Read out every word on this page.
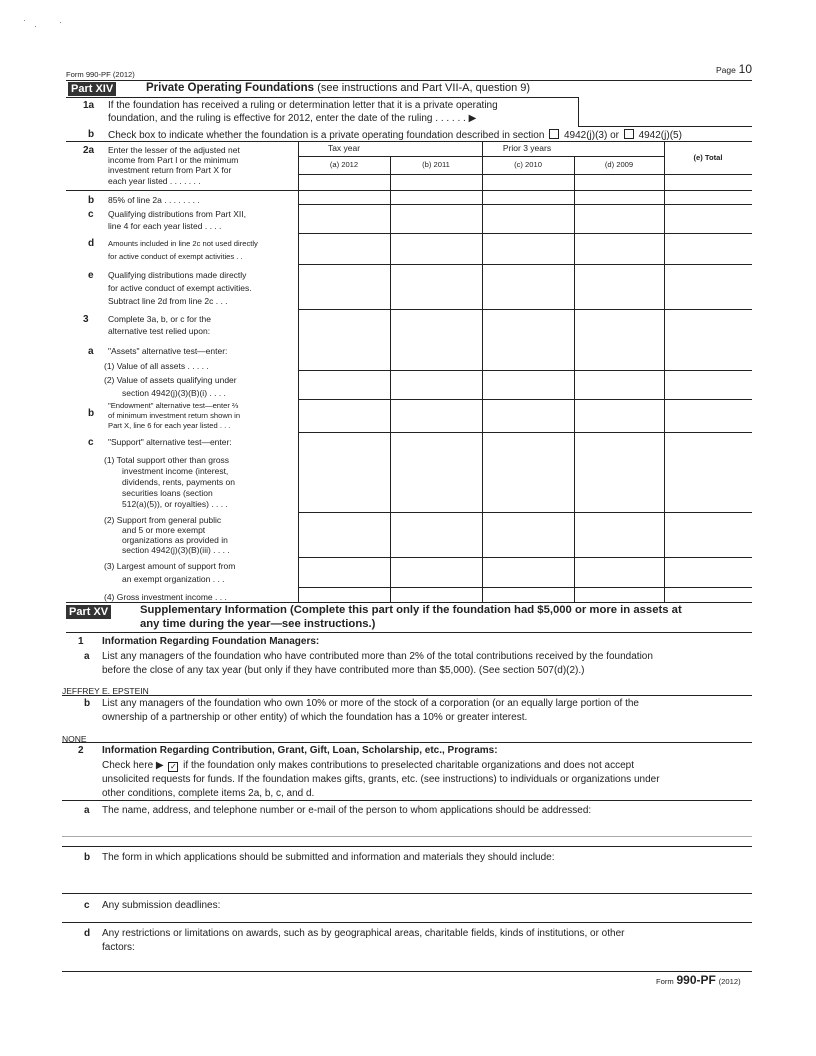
Form 990-PF (2012)	Page 10
Part XIV	Private Operating Foundations (see instructions and Part VII-A, question 9)
1a If the foundation has received a ruling or determination letter that it is a private operating
foundation, and the ruling is effective for 2012, enter the date of the ruling . . . . . . ▶
b Check box to indicate whether the foundation is a private operating foundation described in section 4942(j)(3) or 4942(j)(5)
Tax year	Prior 3 years
(a) 2012	(b) 2011	(c) 2010	(d) 2009
(e) Total
2a Enter the lesser of the adjusted net
income from Part I or the minimum
investment return from Part X for
each year listed . . . . . . .
b 85% of line 2a . . . . . . . .
c Qualifying distributions from Part XII,
line 4 for each year listed . . . .
d Amounts included in line 2c not used directly
for active conduct of exempt activities . .
e Qualifying distributions made directly
for active conduct of exempt activities.
Subtract line 2d from line 2c . . .
3 Complete 3a, b, or c for the
alternative test relied upon:
a "Assets" alternative test—enter:
(1) Value of all assets . . . . .
(2) Value of assets qualifying under
section 4942(j)(3)(B)(i) . . . .
b
"Endowment" alternative test—enter ⅔
of minimum investment return shown in
Part X, line 6 for each year listed . . .
c "Support" alternative test—enter:
(1) Total support other than gross
investment income (interest,
dividends, rents, payments on
securities loans (section
512(a)(5)), or royalties) . . . .
(2) Support from general public
and 5 or more exempt
organizations as provided in
section 4942(j)(3)(B)(iii) . . . .
(3) Largest amount of support from
an exempt organization . . .
(4) Gross investment income . . .
Part XV	Supplementary Information (Complete this part only if the foundation had $5,000 or more in assets at
any time during the year—see instructions.)
1 Information Regarding Foundation Managers:
a List any managers of the foundation who have contributed more than 2% of the total contributions received by the foundation
before the close of any tax year (but only if they have contributed more than $5,000). (See section 507(d)(2).)
JEFFREY E. EPSTEIN
b List any managers of the foundation who own 10% or more of the stock of a corporation (or an equally large portion of the
ownership of a partnership or other entity) of which the foundation has a 10% or greater interest.
NONE
2 Information Regarding Contribution, Grant, Gift, Loan, Scholarship, etc., Programs:
Check here ▶ ✓ if the foundation only makes contributions to preselected charitable organizations and does not accept
unsolicited requests for funds. If the foundation makes gifts, grants, etc. (see instructions) to individuals or organizations under
other conditions, complete items 2a, b, c, and d.
a The name, address, and telephone number or e-mail of the person to whom applications should be addressed:
b The form in which applications should be submitted and information and materials they should include:
c Any submission deadlines:
d Any restrictions or limitations on awards, such as by geographical areas, charitable fields, kinds of institutions, or other
factors:
Form 990-PF (2012)
